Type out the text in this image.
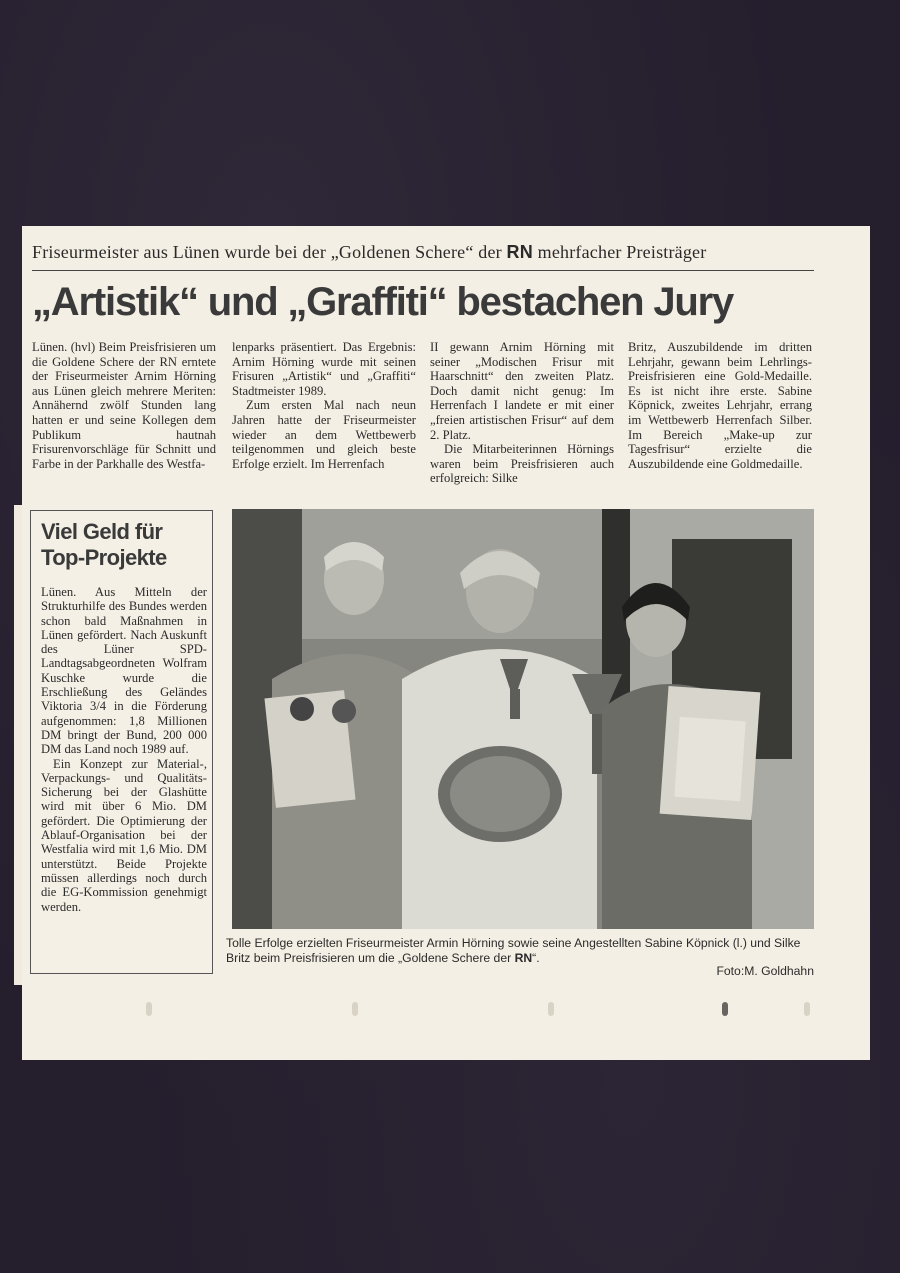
Friseurmeister aus Lünen wurde bei der „Goldenen Schere“ der RN mehrfacher Preisträger
„Artistik“ und „Graffiti“ bestachen Jury

Lünen. (hvl) Beim Preisfrisieren um die Goldene Schere der RN erntete der Friseurmeister Arnim Hörning aus Lünen gleich mehrere Meriten: Annähernd zwölf Stunden lang hatten er und seine Kollegen dem Publikum hautnah Frisurenvorschläge für Schnitt und Farbe in der Parkhalle des Westfa-

lenparks präsentiert. Das Ergebnis: Arnim Hörning wurde mit seinen Frisuren „Artistik“ und „Graffiti“ Stadtmeister 1989.

Zum ersten Mal nach neun Jahren hatte der Friseurmeister wieder an dem Wettbewerb teilgenommen und gleich beste Erfolge erzielt. Im Herrenfach

II gewann Arnim Hörning mit seiner „Modischen Frisur mit Haarschnitt“ den zweiten Platz. Doch damit nicht genug: Im Herrenfach I landete er mit einer „freien artistischen Frisur“ auf dem 2. Platz.

Die Mitarbeiterinnen Hörnings waren beim Preisfrisieren auch erfolgreich: Silke

Britz, Auszubildende im dritten Lehrjahr, gewann beim Lehrlings-Preisfrisieren eine Gold-Medaille. Es ist nicht ihre erste. Sabine Köpnick, zweites Lehrjahr, errang im Wettbewerb Herrenfach Silber. Im Bereich „Make-up zur Tagesfrisur“ erzielte die Auszubildende eine Goldmedaille.

Viel Geld für Top-Projekte

Lünen. Aus Mitteln der Strukturhilfe des Bundes werden schon bald Maßnahmen in Lünen gefördert. Nach Auskunft des Lüner SPD-Landtagsabgeordneten Wolfram Kuschke wurde die Erschließung des Geländes Viktoria 3/4 in die Förderung aufgenommen: 1,8 Millionen DM bringt der Bund, 200 000 DM das Land noch 1989 auf.

Ein Konzept zur Material-, Verpackungs- und Qualitäts-Sicherung bei der Glashütte wird mit über 6 Mio. DM gefördert. Die Optimierung der Ablauf-Organisation bei der Westfalia wird mit 1,6 Mio. DM unterstützt. Beide Projekte müssen allerdings noch durch die EG-Kommission genehmigt werden.

Tolle Erfolge erzielten Friseurmeister Armin Hörning sowie seine Angestellten Sabine Köpnick (l.) und Silke Britz beim Preisfrisieren um die „Goldene Schere der RN“.
Foto:M. Goldhahn
